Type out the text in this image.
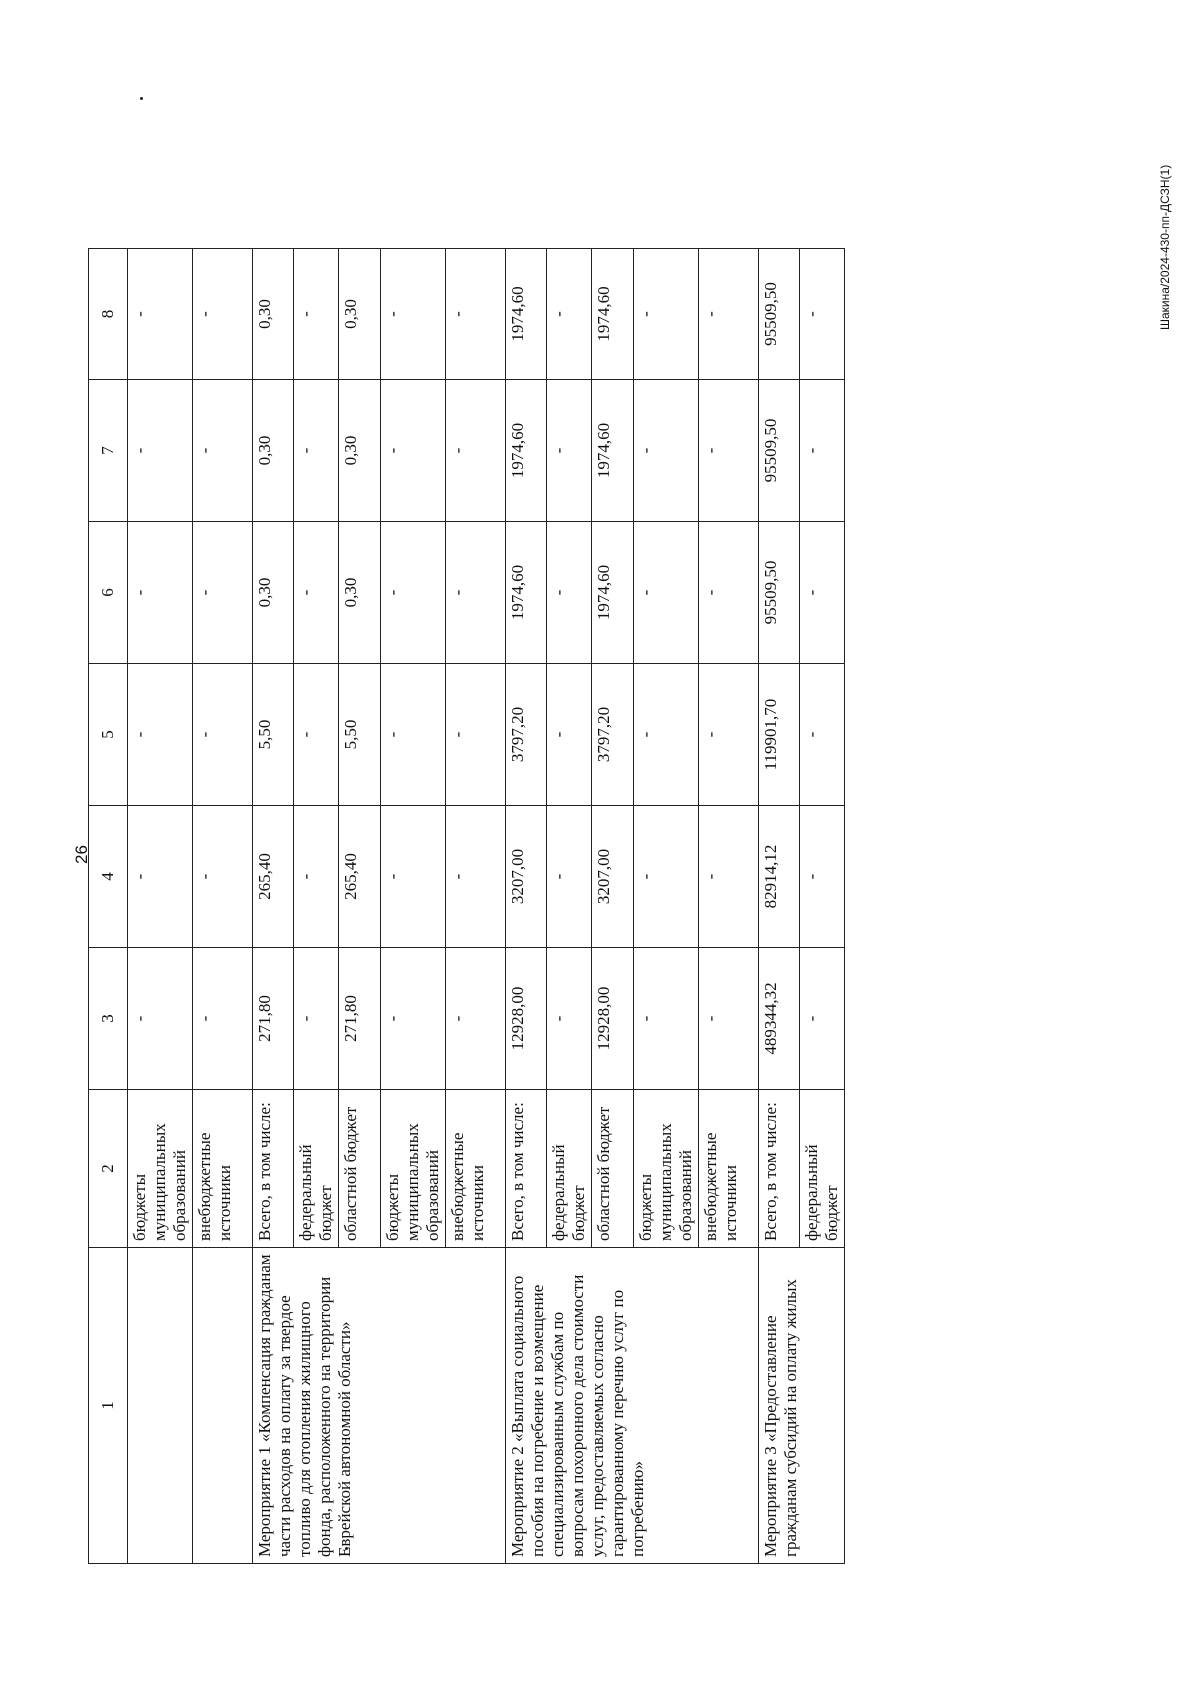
26
Шакина/2024-430-пп-ДСЗН(1)
1	2	3	4	5	6	7	8
	бюджеты муниципальных образований	-	-	-	-	-	-
	внебюджетные источники	-	-	-	-	-	-
Мероприятие 1 «Компенсация гражданам части расходов на оплату за твердое топливо для отопления жилищного фонда, расположенного на территории Еврейской автономной области»	Всего, в том числе:	271,80	265,40	5,50	0,30	0,30	0,30
	федеральный бюджет	-	-	-	-	-	-
	областной бюджет	271,80	265,40	5,50	0,30	0,30	0,30
	бюджеты муниципальных образований	-	-	-	-	-	-
	внебюджетные источники	-	-	-	-	-	-
Мероприятие 2 «Выплата социального пособия на погребение и возмещение специализированным службам по вопросам похоронного дела стоимости услуг, предоставляемых согласно гарантированному перечню услуг по погребению»	Всего, в том числе:	12928,00	3207,00	3797,20	1974,60	1974,60	1974,60
	федеральный бюджет	-	-	-	-	-	-
	областной бюджет	12928,00	3207,00	3797,20	1974,60	1974,60	1974,60
	бюджеты муниципальных образований	-	-	-	-	-	-
	внебюджетные источники	-	-	-	-	-	-
Мероприятие 3 «Предоставление гражданам субсидий на оплату жилых	Всего, в том числе:	489344,32	82914,12	119901,70	95509,50	95509,50	95509,50
	федеральный бюджет	-	-	-	-	-	-
